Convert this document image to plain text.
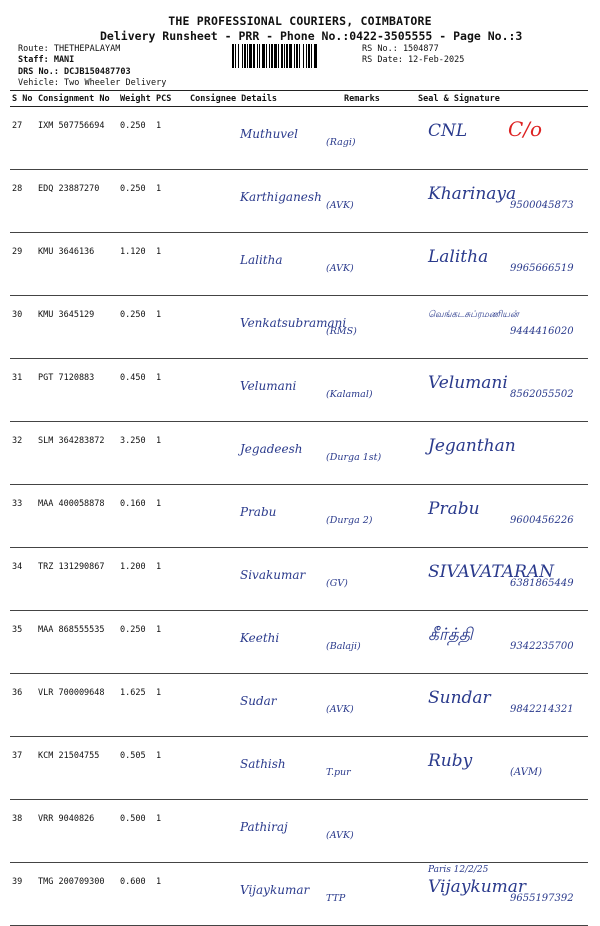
THE PROFESSIONAL COURIERS, COIMBATORE
Delivery Runsheet - PRR - Phone No.:0422-3505555 - Page No.:3
Route: THETHEPALAYAM
Staff: MANI
DRS No.: DCJB150487703
Vehicle: Two Wheeler Delivery
RS No.: 1504877
RS Date: 12-Feb-2025
S No	Consignment No	Weight	PCS	Consignee Details	Remarks	Seal & Signature
27	IXM 507756694	0.250	1	Muthuvel	(Ragi)	CNL C/o

28	EDQ 23887270	0.250	1	Karthiganesh	(AVK)	Kharinaya
9500045873

29	KMU 3646136	1.120	1	Lalitha	(AVK)	Lalitha
9965666519

30	KMU 3645129	0.250	1	Venkatsubramani	(RMS)	வெங்கடசுப்ரமணியன்
9444416020

31	PGT 7120883	0.450	1	Velumani	(Kalamal)	Velumani
8562055502

32	SLM 364283872	3.250	1	Jegadeesh	(Durga 1st)	Jeganthan

33	MAA 400058878	0.160	1	Prabu	(Durga 2)	Prabu
9600456226

34	TRZ 131290867	1.200	1	Sivakumar	(GV)	SIVAVATARAN
6381865449

35	MAA 868555535	0.250	1	Keethi	(Balaji)	கீர்த்தி
9342235700

36	VLR 700009648	1.625	1	Sudar	(AVK)	Sundar
9842214321

37	KCM 21504755	0.505	1	Sathish	T.pur	Ruby
(AVM)

38	VRR 9040826	0.500	1	Pathiraj	(AVK)	

39	TMG 200709300	0.600	1	Vijaykumar	TTP	Vijaykumar
9655197392
Paris 12/2/25
